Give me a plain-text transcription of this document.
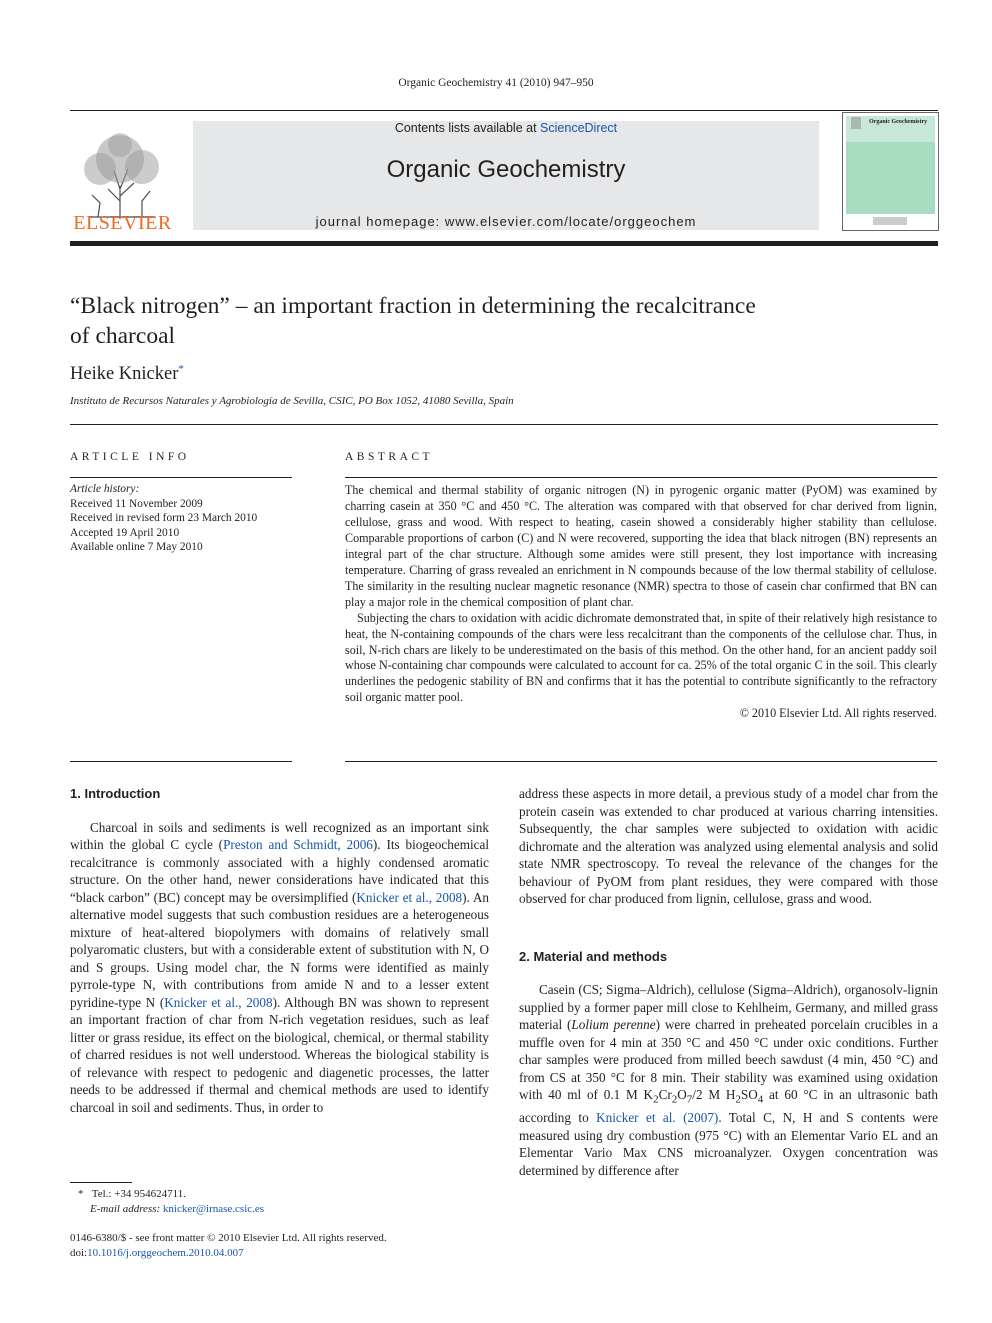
Organic Geochemistry 41 (2010) 947–950
ELSEVIER
Contents lists available at ScienceDirect
Organic Geochemistry
journal homepage: www.elsevier.com/locate/orggeochem
Organic Geochemistry
“Black nitrogen” – an important fraction in determining the recalcitrance
of charcoal
Heike Knicker*
Instituto de Recursos Naturales y Agrobiología de Sevilla, CSIC, PO Box 1052, 41080 Sevilla, Spain
ARTICLE INFO
Article history:
Received 11 November 2009
Received in revised form 23 March 2010
Accepted 19 April 2010
Available online 7 May 2010
ABSTRACT

The chemical and thermal stability of organic nitrogen (N) in pyrogenic organic matter (PyOM) was examined by charring casein at 350 °C and 450 °C. The alteration was compared with that observed for char derived from lignin, cellulose, grass and wood. With respect to heating, casein showed a considerably higher stability than cellulose. Comparable proportions of carbon (C) and N were recovered, supporting the idea that black nitrogen (BN) represents an integral part of the char structure. Although some amides were still present, they lost importance with increasing temperature. Charring of grass revealed an enrichment in N compounds because of the low thermal stability of cellulose. The similarity in the resulting nuclear magnetic resonance (NMR) spectra to those of casein char confirmed that BN can play a major role in the chemical composition of plant char.

Subjecting the chars to oxidation with acidic dichromate demonstrated that, in spite of their relatively high resistance to heat, the N-containing compounds of the chars were less recalcitrant than the components of the cellulose char. Thus, in soil, N-rich chars are likely to be underestimated on the basis of this method. On the other hand, for an ancient paddy soil whose N-containing char compounds were calculated to account for ca. 25% of the total organic C in the soil. This clearly underlines the pedogenic stability of BN and confirms that it has the potential to contribute significantly to the refractory soil organic matter pool.

© 2010 Elsevier Ltd. All rights reserved.
1. Introduction

Charcoal in soils and sediments is well recognized as an important sink within the global C cycle (Preston and Schmidt, 2006). Its biogeochemical recalcitrance is commonly associated with a highly condensed aromatic structure. On the other hand, newer considerations have indicated that this “black carbon” (BC) concept may be oversimplified (Knicker et al., 2008). An alternative model suggests that such combustion residues are a heterogeneous mixture of heat-altered biopolymers with domains of relatively small polyaromatic clusters, but with a considerable extent of substitution with N, O and S groups. Using model char, the N forms were identified as mainly pyrrole-type N, with contributions from amide N and to a lesser extent pyridine-type N (Knicker et al., 2008). Although BN was shown to represent an important fraction of char from N-rich vegetation residues, such as leaf litter or grass residue, its effect on the biological, chemical, or thermal stability of charred residues is not well understood. Whereas the biological stability is of relevance with respect to pedogenic and diagenetic processes, the latter needs to be addressed if thermal and chemical methods are used to identify charcoal in soil and sediments. Thus, in order to

* Tel.: +34 954624711.
E-mail address: knicker@irnase.csic.es
0146-6380/$ - see front matter © 2010 Elsevier Ltd. All rights reserved.
doi:10.1016/j.orggeochem.2010.04.007

address these aspects in more detail, a previous study of a model char from the protein casein was extended to char produced at various charring intensities. Subsequently, the char samples were subjected to oxidation with acidic dichromate and the alteration was analyzed using elemental analysis and solid state NMR spectroscopy. To reveal the relevance of the changes for the behaviour of PyOM from plant residues, they were compared with those observed for char produced from lignin, cellulose, grass and wood.

2. Material and methods

Casein (CS; Sigma–Aldrich), cellulose (Sigma–Aldrich), organosolv-lignin supplied by a former paper mill close to Kehlheim, Germany, and milled grass material (Lolium perenne) were charred in preheated porcelain crucibles in a muffle oven for 4 min at 350 °C and 450 °C under oxic conditions. Further char samples were produced from milled beech sawdust (4 min, 450 °C) and from CS at 350 °C for 8 min. Their stability was examined using oxidation with 40 ml of 0.1 M $K_2Cr_2O_7/2$ M $H_2SO_4$ at 60 °C in an ultrasonic bath according to Knicker et al. (2007). Total C, N, H and S contents were measured using dry combustion (975 °C) with an Elementar Vario EL and an Elementar Vario Max CNS microanalyzer. Oxygen concentration was determined by difference after
